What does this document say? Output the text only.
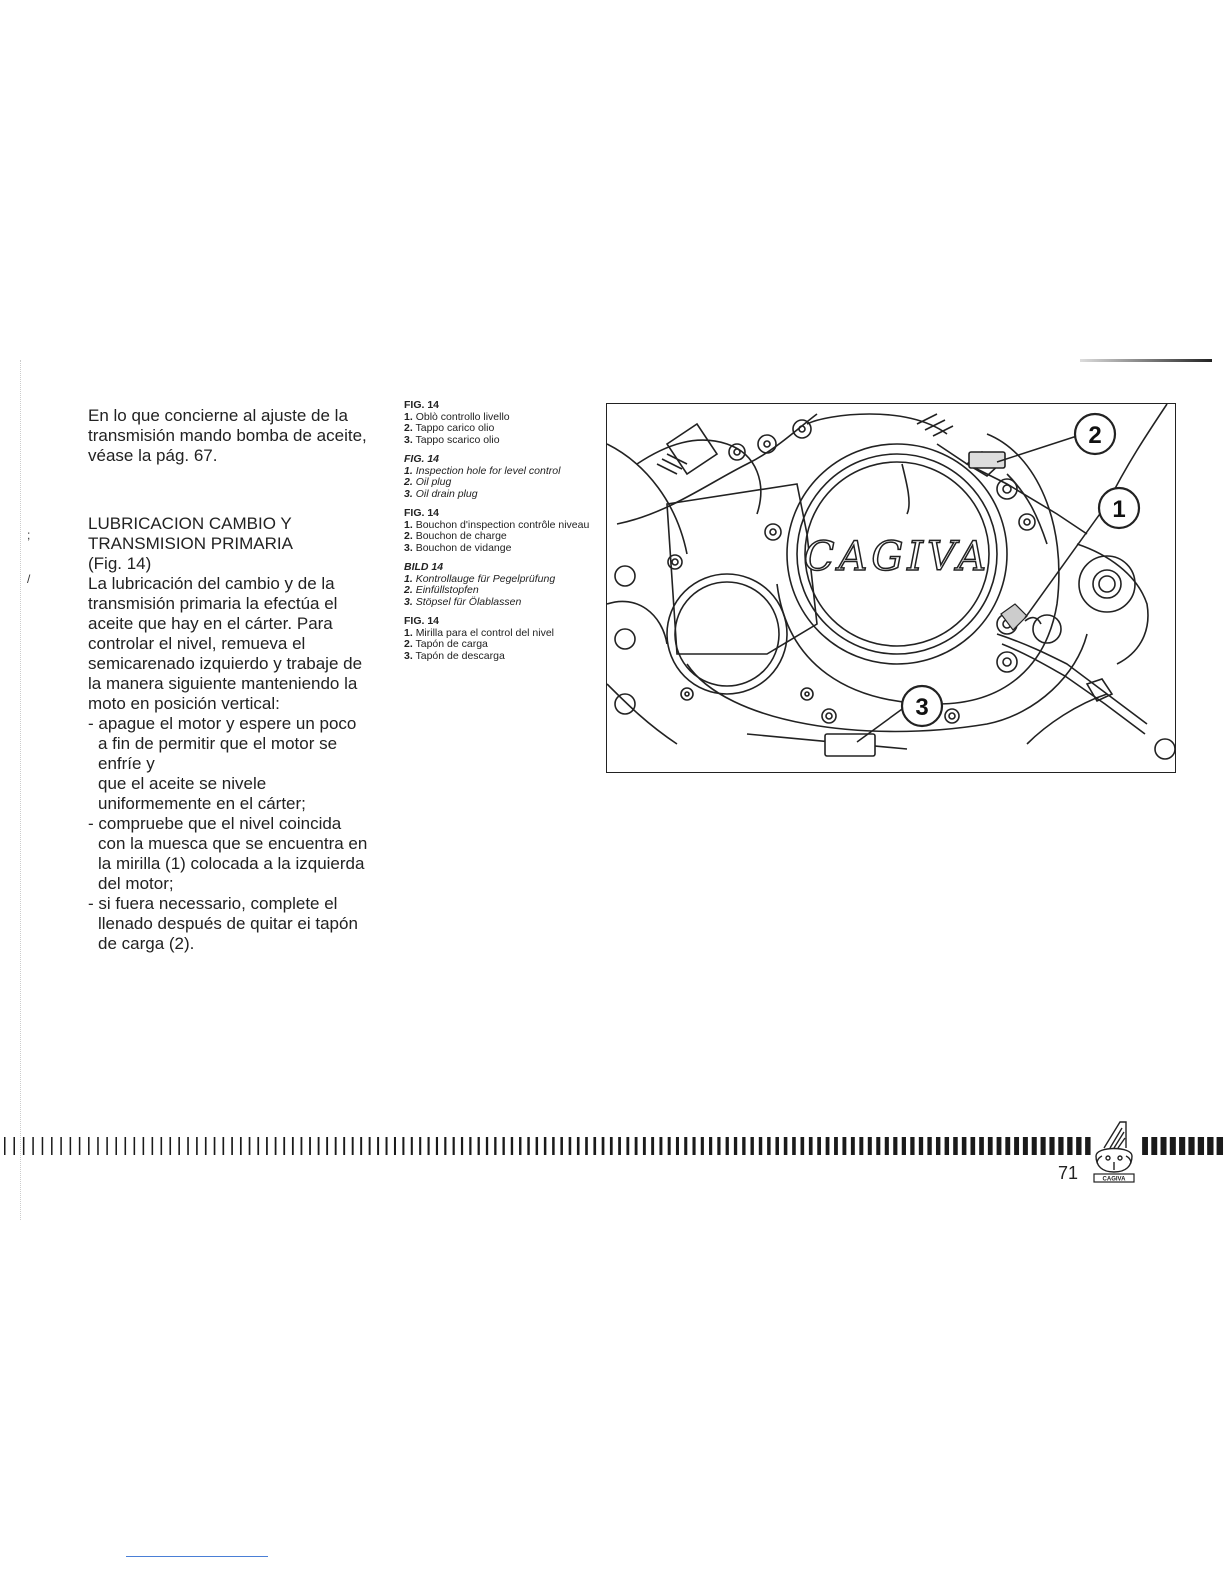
;
/

En lo que concierne al ajuste de la transmisión mando bomba de aceite, véase la pág. 67.

LUBRICACION CAMBIO Y

TRANSMISION PRIMARIA

(Fig. 14)

La lubricación del cambio y de la transmisión primaria la efectúa el aceite que hay en el cárter. Para controlar el nivel, remueva el semicarenado izquierdo y trabaje de la manera siguiente manteniendo la moto en posición vertical:

- apague el motor y espere un poco a fin de permitir que el motor se enfríe y
que el aceite se nivele uniformemente en el cárter;
- compruebe que el nivel coincida con la muesca que se encuentra en la mirilla (1) colocada a la izquierda del motor;
- si fuera necessario, complete el llenado después de quitar ei tapón de carga (2).
FIG. 14
1. Oblò controllo livello
2. Tappo carico olio
3. Tappo scarico olio
FIG. 14
1. Inspection hole for level control
2. Oil plug
3. Oil drain plug
FIG. 14
1. Bouchon d'inspection contrôle niveau
2. Bouchon de charge
3. Bouchon de vidange
BILD 14
1. Kontrollauge für Pegelprüfung
2. Einfüllstopfen
3. Stöpsel für Ölablassen
FIG. 14
1. Mirilla para el control del nivel
2. Tapón de carga
3. Tapón de descarga
CAGIVA
2
1
3
CAGIVA
71
